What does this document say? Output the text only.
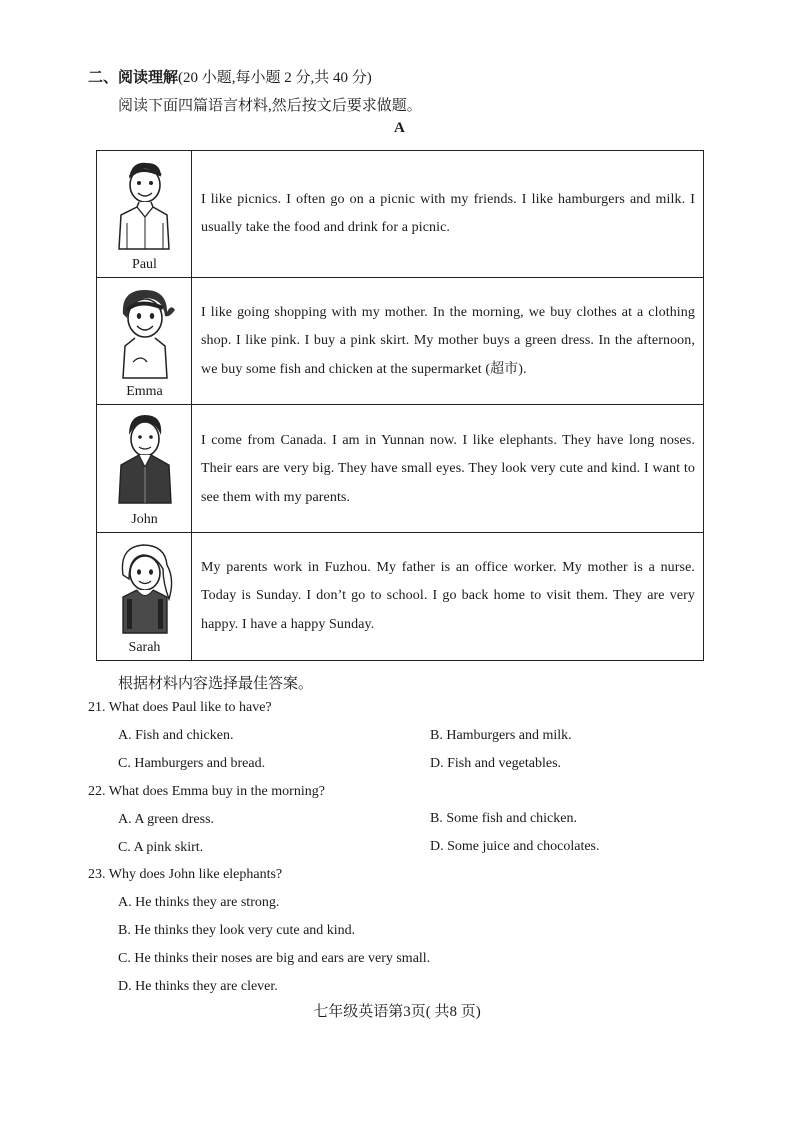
二、阅读理解(20 小题,每小题 2 分,共 40 分)
阅读下面四篇语言材料,然后按文后要求做题。
A
Paul
I like picnics. I often go on a picnic with my friends. I like hamburgers and milk. I usually take the food and drink for a picnic.
Emma
I like going shopping with my mother. In the morning, we buy clothes at a clothing shop. I like pink. I buy a pink skirt. My mother buys a green dress. In the afternoon, we buy some fish and chicken at the supermarket (超市).
John
I come from Canada. I am in Yunnan now. I like elephants. They have long noses. Their ears are very big. They have small eyes. They look very cute and kind. I want to see them with my parents.
Sarah
My parents work in Fuzhou. My father is an office worker. My mother is a nurse. Today is Sunday. I don’t go to school. I go back home to visit them. They are very happy. I have a happy Sunday.
根据材料内容选择最佳答案。
21. What does Paul like to have?
A. Fish and chicken.	B. Hamburgers and milk.
C. Hamburgers and bread.	D. Fish and vegetables.
22. What does Emma buy in the morning?
A. A green dress.	B. Some fish and chicken.
C. A pink skirt.	D. Some juice and chocolates.
23. Why does John like elephants?
A. He thinks they are strong.
B. He thinks they look very cute and kind.
C. He thinks their noses are big and ears are very small.
D. He thinks they are clever.
七年级英语第3页( 共8 页)
